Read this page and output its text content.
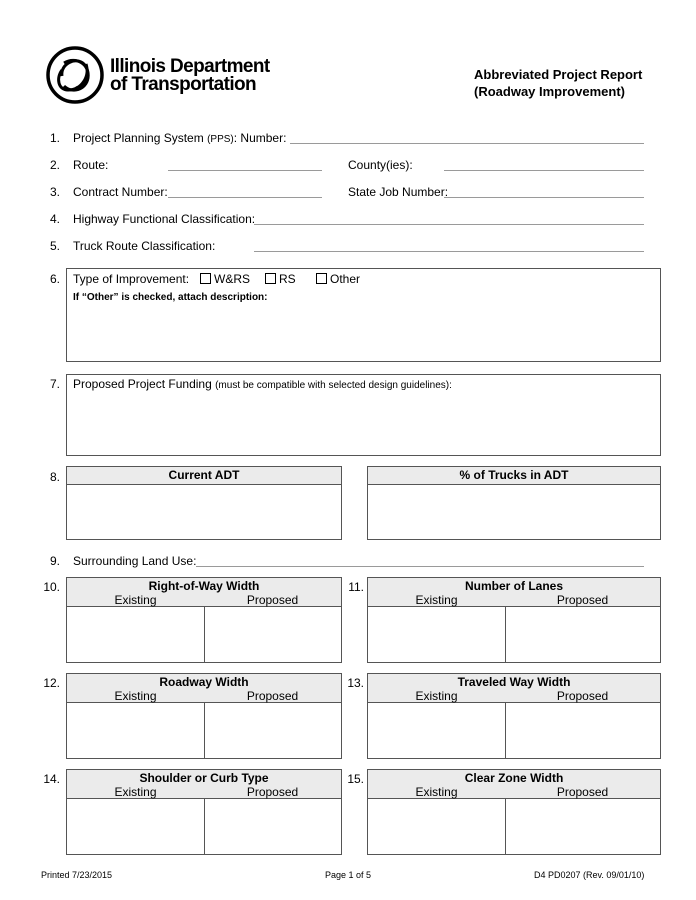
Illinois Department
of Transportation	Abbreviated Project Report
(Roadway Improvement)
1. Project Planning System (PPS): Number:
2. Route:	County(ies):
3. Contract Number:	State Job Number:
4. Highway Functional Classification:
5. Truck Route Classification:
6. Type of Improvement:	W&RS	RS	Other
If “Other” is checked, attach description:
7. Proposed Project Funding (must be compatible with selected design guidelines):
8.	Current ADT	% of Trucks in ADT
9. Surrounding Land Use:
10.	Right-of-Way Width
Existing	Proposed
11.	Number of Lanes
Existing	Proposed
12.	Roadway Width
Existing	Proposed
13.	Traveled Way Width
Existing	Proposed
14.	Shoulder or Curb Type
Existing	Proposed
15.	Clear Zone Width
Existing	Proposed
Printed 7/23/2015	Page 1 of 5	D4 PD0207 (Rev. 09/01/10)
